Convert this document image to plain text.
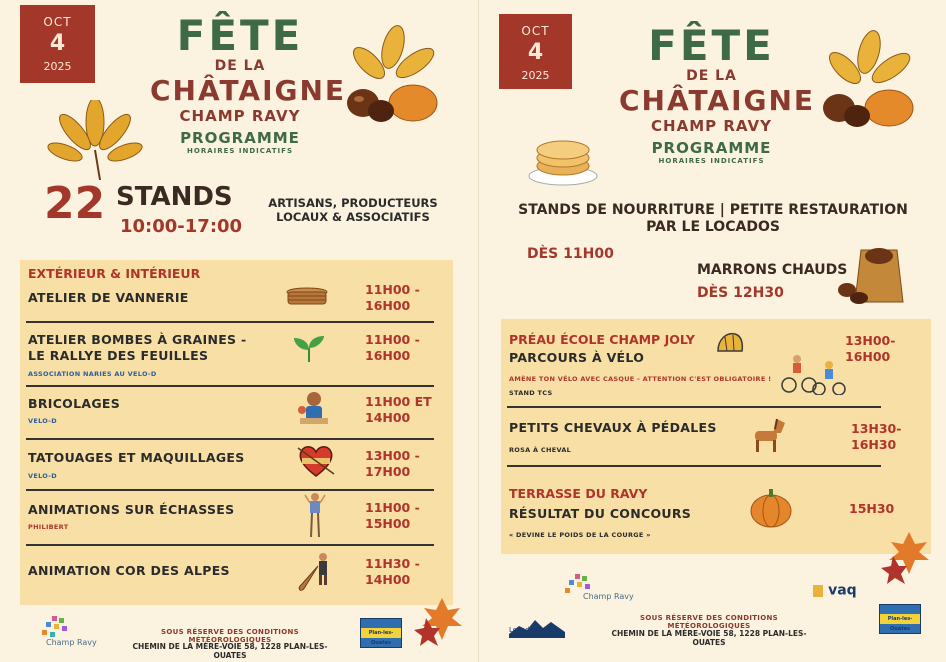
OCT
4
2025
FÊTE
DE LA
CHÂTAIGNE
CHAMP RAVY
PROGRAMME
HORAIRES INDICATIFS
22 STANDS
10:00-17:00
ARTISANS, PRODUCTEURS
LOCAUX & ASSOCIATIFS
EXTÉRIEUR & INTÉRIEUR
ATELIER DE VANNERIE
11H00 -
16H00
ATELIER BOMBES À GRAINES -
LE RALLYE DES FEUILLES
ASSOCIATION NARIES AU VELO-D
11H00 -
16H00
BRICOLAGES
VELO-D
11H00 ET
14H00
TATOUAGES ET MAQUILLAGES
VELO-D
13H00 -
17H00
ANIMATIONS SUR ÉCHASSES
PHILIBERT
11H00 -
15H00
ANIMATION COR DES ALPES	11H30 -
14H00
Champ Ravy
SOUS RÉSERVE DES CONDITIONS MÉTÉOROLOGIQUES
CHEMIN DE LA MÈRE-VOIE 58, 1228 PLAN-LES-OUATES
Plan-les-Ouates
OCT
4
2025
FÊTE
DE LA
CHÂTAIGNE
CHAMP RAVY
PROGRAMME
HORAIRES INDICATIFS
STANDS DE NOURRITURE | PETITE RESTAURATION
PAR LE LOCADOS
DÈS 11H00
MARRONS CHAUDS
DÈS 12H30
PRÉAU ÉCOLE CHAMP JOLY
PARCOURS À VÉLO
AMÈNE TON VÉLO AVEC CASQUE - ATTENTION C'EST OBLIGATOIRE !
STAND TCS
13H00-
16H00
PETITS CHEVAUX À PÉDALES
ROSA À CHEVAL
13H30-
16H30
TERRASSE DU RAVY
RÉSULTAT DU CONCOURS
« DEVINE LE POIDS DE LA COURGE »
15H30
Champ Ravy	vaq
Locados
SOUS RÉSERVE DES CONDITIONS MÉTÉOROLOGIQUES
CHEMIN DE LA MÈRE-VOIE 58, 1228 PLAN-LES-OUATES
Plan-les-Ouates
